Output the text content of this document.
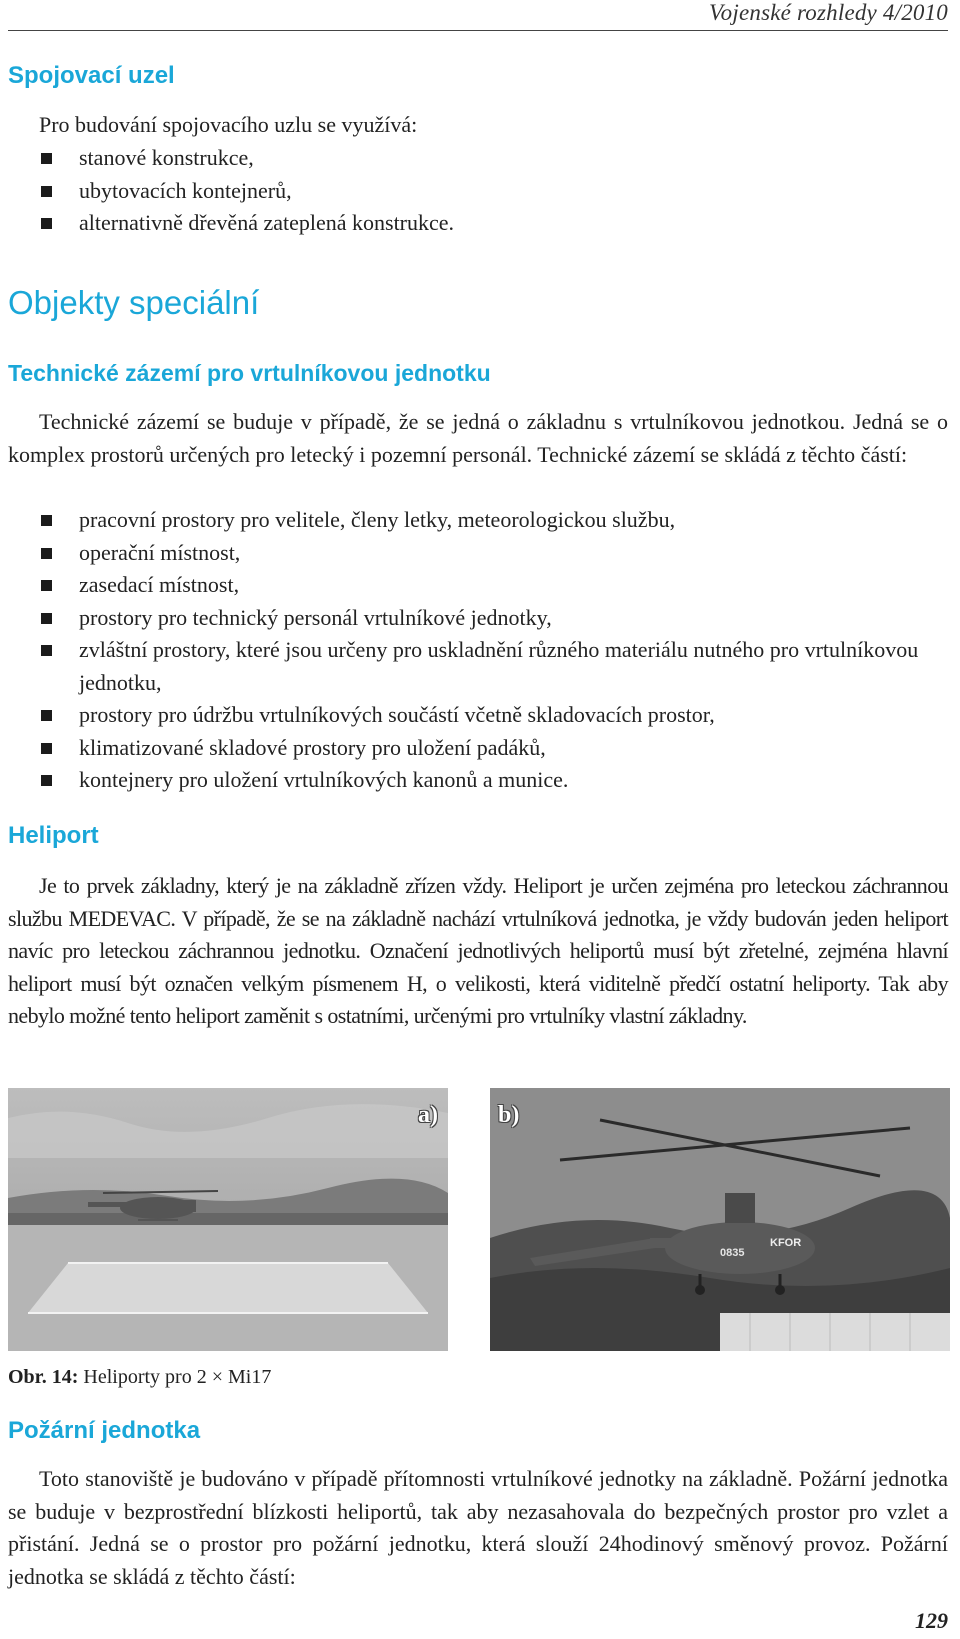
Vojenské rozhledy 4/2010
Spojovací uzel
Pro budování spojovacího uzlu se využívá:
stanové konstrukce,
ubytovacích kontejnerů,
alternativně dřevěná zateplená konstrukce.
Objekty speciální
Technické zázemí pro vrtulníkovou jednotku
Technické zázemí se buduje v případě, že se jedná o základnu s vrtulníkovou jednotkou. Jedná se o komplex prostorů určených pro letecký i pozemní personál. Technické zázemí se skládá z těchto částí:
pracovní prostory pro velitele, členy letky, meteorologickou službu,
operační místnost,
zasedací místnost,
prostory pro technický personál vrtulníkové jednotky,
zvláštní prostory, které jsou určeny pro uskladnění různého materiálu nutného pro vrtulníkovou jednotku,
prostory pro údržbu vrtulníkových součástí včetně skladovacích prostor,
klimatizované skladové prostory pro uložení padáků,
kontejnery pro uložení vrtulníkových kanonů a munice.
Heliport
Je to prvek základny, který je na základně zřízen vždy. Heliport je určen zejména pro leteckou záchrannou službu MEDEVAC. V případě, že se na základně nachází vrtulníková jednotka, je vždy budován jeden heliport navíc pro leteckou záchrannou jednotku. Označení jednotlivých heliportů musí být zřetelné, zejména hlavní heliport musí být označen velkým písmenem H, o velikosti, která viditelně předčí ostatní heliporty. Tak aby nebylo možné tento heliport zaměnit s ostatními, určenými pro vrtulníky vlastní základny.
a)
0835
KFOR
b)
Obr. 14: Heliporty pro 2 × Mi17
Požární jednotka
Toto stanoviště je budováno v případě přítomnosti vrtulníkové jednotky na základně. Požární jednotka se buduje v bezprostřední blízkosti heliportů, tak aby nezasahovala do bezpečných prostor pro vzlet a přistání. Jedná se o prostor pro požární jednotku, která slouží 24hodinový směnový provoz. Požární jednotka se skládá z těchto částí:
129
